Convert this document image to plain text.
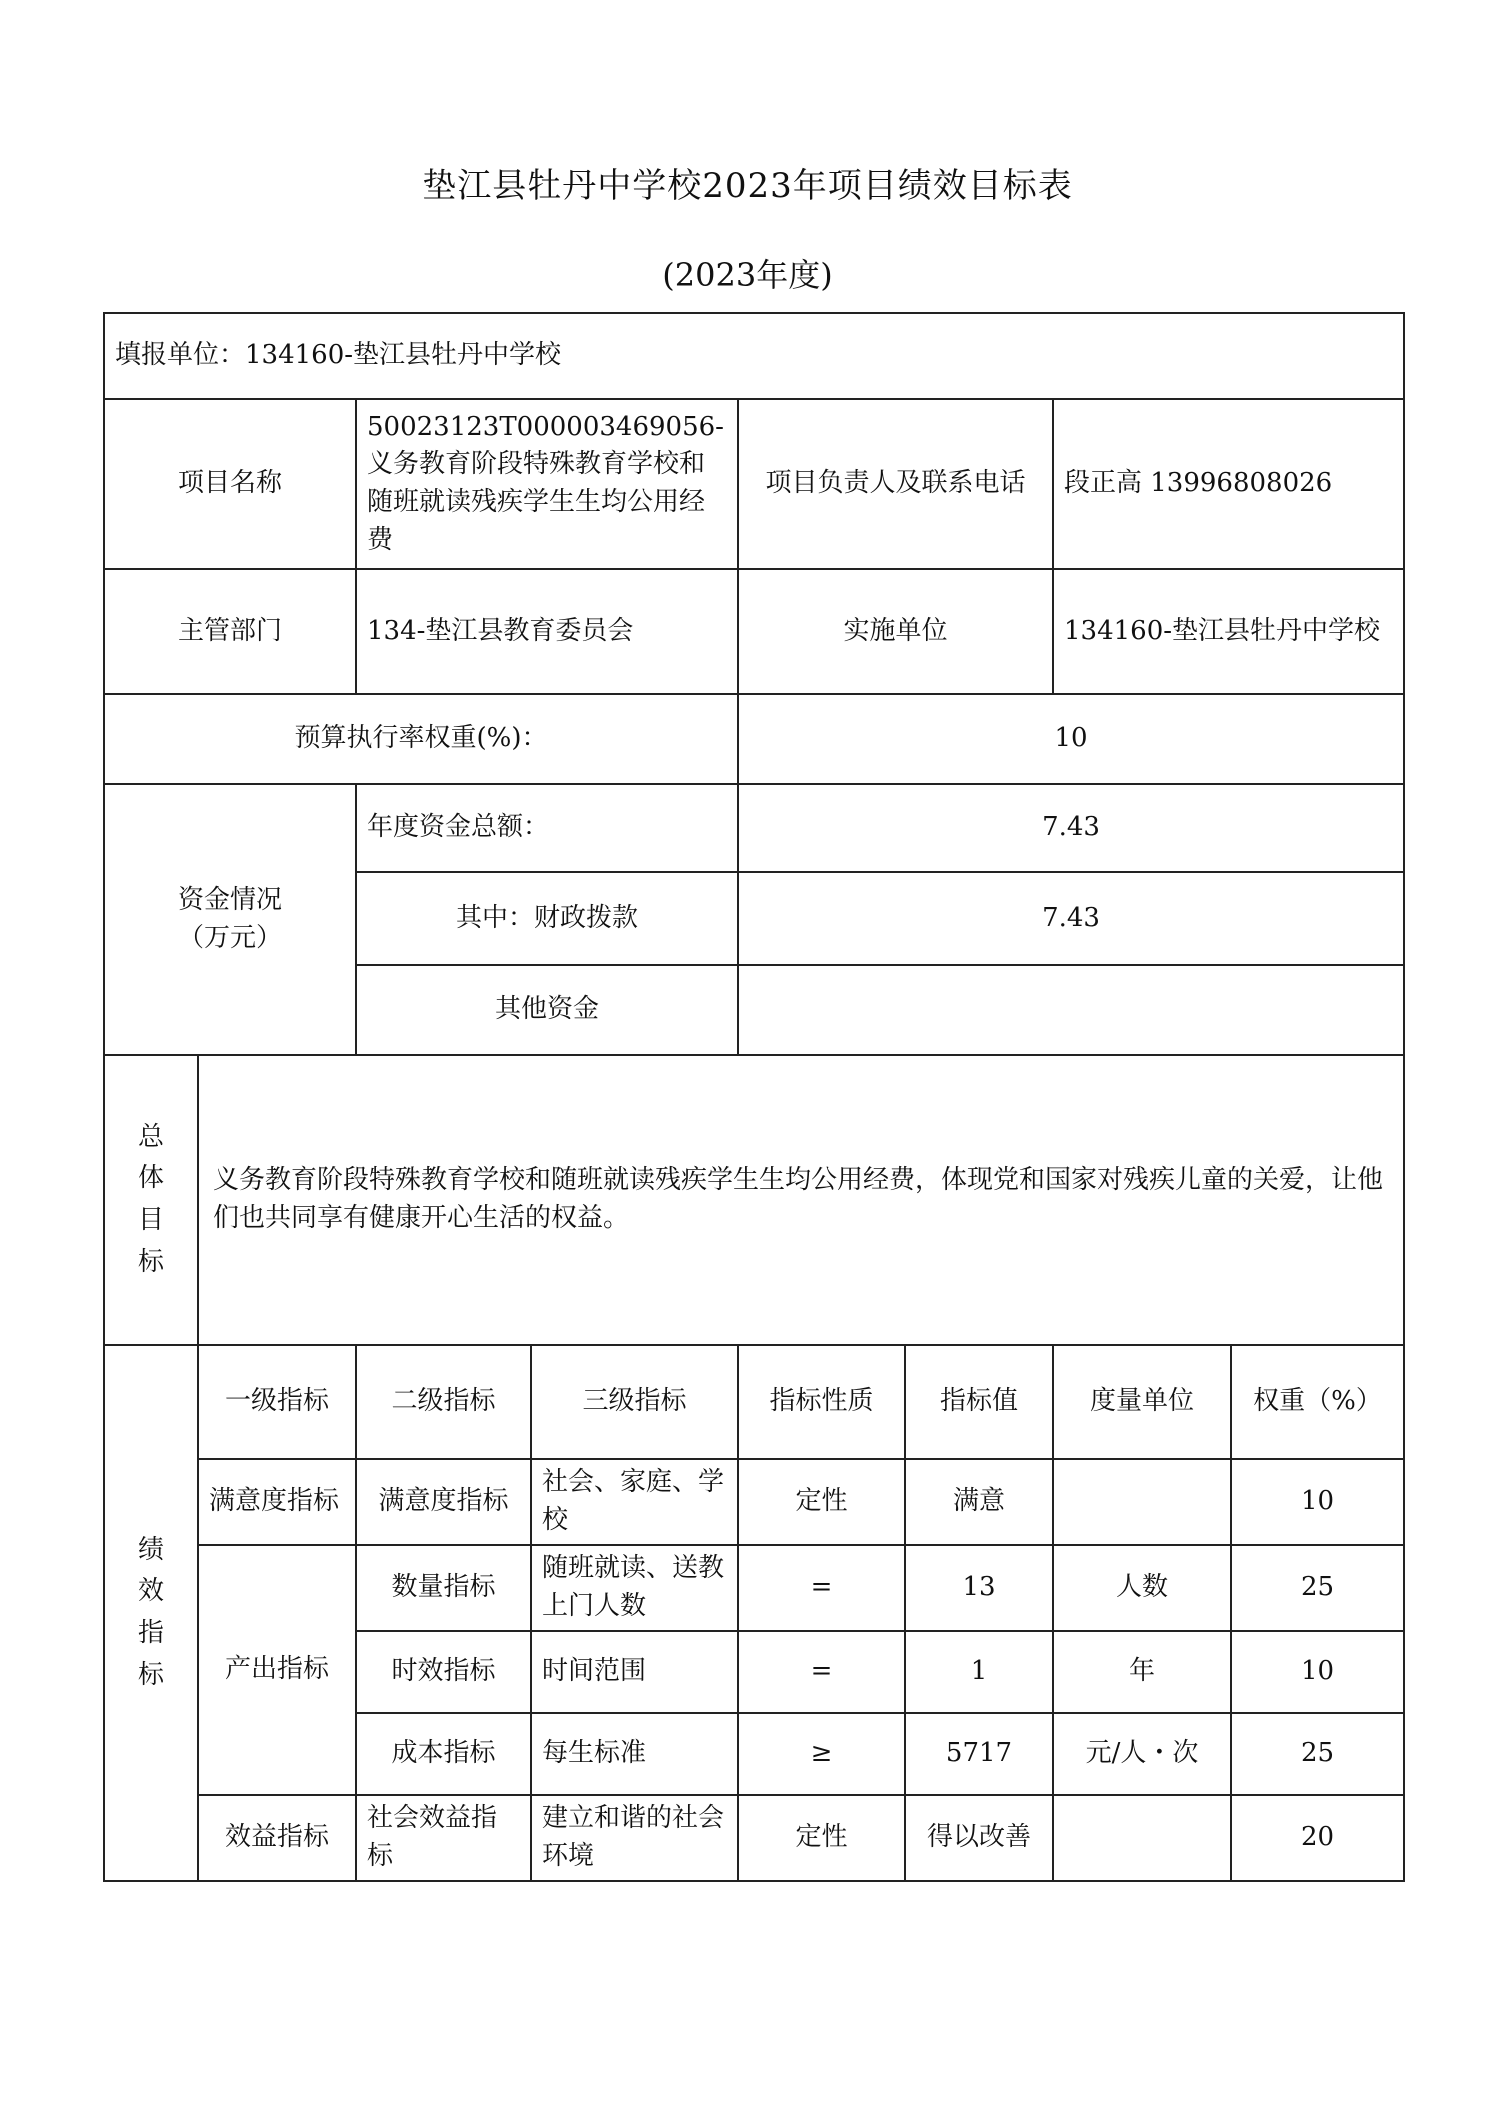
垫江县牡丹中学校2023年项目绩效目标表
(2023年度)
填报单位：134160-垫江县牡丹中学校							
项目名称		50023123T000003469056-义务教育阶段特殊教育学校和随班就读残疾学生生均公用经费		项目负责人及联系电话		段正高 13996808026	
主管部门		134-垫江县教育委员会		实施单位		134160-垫江县牡丹中学校	
预算执行率权重(%)：				10			
资金情况
（万元）		年度资金总额：		7.43			
		其中：财政拨款		7.43			
		其他资金					
总
体
目
标	义务教育阶段特殊教育学校和随班就读残疾学生生均公用经费，体现党和国家对残疾儿童的关爱，让他们也共同享有健康开心生活的权益。						
绩
效
指
标	一级指标	二级指标	三级指标	指标性质	指标值	度量单位	权重（%）
	满意度指标	满意度指标	社会、家庭、学校	定性	满意		10
	产出指标	数量指标	随班就读、送教上门人数	=	13	人数	25
		时效指标	时间范围	=	1	年	10
		成本指标	每生标准	≥	5717	元/人・次	25
	效益指标	社会效益指标	建立和谐的社会环境	定性	得以改善		20
